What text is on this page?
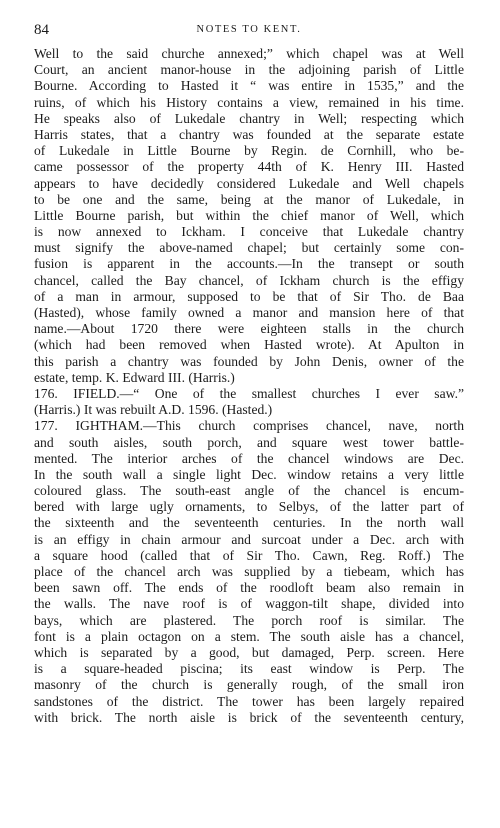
84	NOTES TO KENT.
Well to the said churche annexed;” which chapel was at Well
Court, an ancient manor-house in the adjoining parish of Little
Bourne. According to Hasted it “ was entire in 1535,” and the
ruins, of which his History contains a view, remained in his time.
He speaks also of Lukedale chantry in Well; respecting which
Harris states, that a chantry was founded at the separate estate
of Lukedale in Little Bourne by Regin. de Cornhill, who be-
came possessor of the property 44th of K. Henry III. Hasted
appears to have decidedly considered Lukedale and Well chapels
to be one and the same, being at the manor of Lukedale, in
Little Bourne parish, but within the chief manor of Well, which
is now annexed to Ickham. I conceive that Lukedale chantry
must signify the above-named chapel; but certainly some con-
fusion is apparent in the accounts.—In the transept or south
chancel, called the Bay chancel, of Ickham church is the effigy
of a man in armour, supposed to be that of Sir Tho. de Baa
(Hasted), whose family owned a manor and mansion here of that
name.—About 1720 there were eighteen stalls in the church
(which had been removed when Hasted wrote). At Apulton in
this parish a chantry was founded by John Denis, owner of the
estate, temp. K. Edward III. (Harris.)
176. IFIELD.—“ One of the smallest churches I ever saw.”
(Harris.) It was rebuilt A.D. 1596. (Hasted.)
177. IGHTHAM.—This church comprises chancel, nave, north
and south aisles, south porch, and square west tower battle-
mented. The interior arches of the chancel windows are Dec.
In the south wall a single light Dec. window retains a very little
coloured glass. The south-east angle of the chancel is encum-
bered with large ugly ornaments, to Selbys, of the latter part of
the sixteenth and the seventeenth centuries. In the north wall
is an effigy in chain armour and surcoat under a Dec. arch with
a square hood (called that of Sir Tho. Cawn, Reg. Roff.) The
place of the chancel arch was supplied by a tiebeam, which has
been sawn off. The ends of the roodloft beam also remain in
the walls. The nave roof is of waggon-tilt shape, divided into
bays, which are plastered. The porch roof is similar. The
font is a plain octagon on a stem. The south aisle has a chancel,
which is separated by a good, but damaged, Perp. screen. Here
is a square-headed piscina; its east window is Perp. The
masonry of the church is generally rough, of the small iron
sandstones of the district. The tower has been largely repaired
with brick. The north aisle is brick of the seventeenth century,
